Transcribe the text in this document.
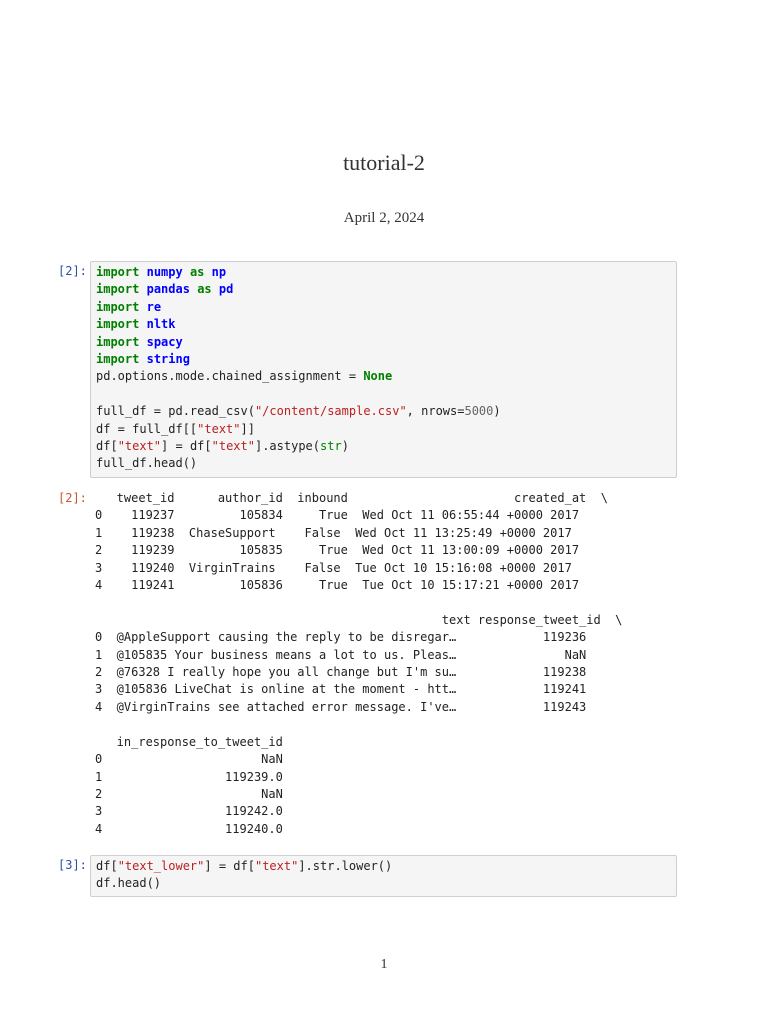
tutorial-2
April 2, 2024
[2]: import numpy as np
import pandas as pd
import re
import nltk
import spacy
import string
pd.options.mode.chained_assignment = None
full_df = pd.read_csv("/content/sample.csv", nrows=5000)
df = full_df[["text"]]
df["text"] = df["text"].astype(str)
full_df.head()
[2]:	tweet_id      author_id  inbound                       created_at  \
0    119237         105834     True  Wed Oct 11 06:55:44 +0000 2017
1    119238  ChaseSupport    False  Wed Oct 11 13:25:49 +0000 2017
2    119239         105835     True  Wed Oct 11 13:00:09 +0000 2017
3    119240  VirginTrains    False  Tue Oct 10 15:16:08 +0000 2017
4    119241         105836     True  Tue Oct 10 15:17:21 +0000 2017

text response_tweet_id  \
0  @AppleSupport causing the reply to be disregar…            119236
1  @105835 Your business means a lot to us. Pleas…               NaN
2  @76328 I really hope you all change but I'm su…            119238
3  @105836 LiveChat is online at the moment - htt…            119241
4  @VirginTrains see attached error message. I've…            119243

in_response_to_tweet_id
0                      NaN
1                 119239.0
2                      NaN
3                 119242.0
4                 119240.0
[3]: df["text_lower"] = df["text"].str.lower()
df.head()
1
